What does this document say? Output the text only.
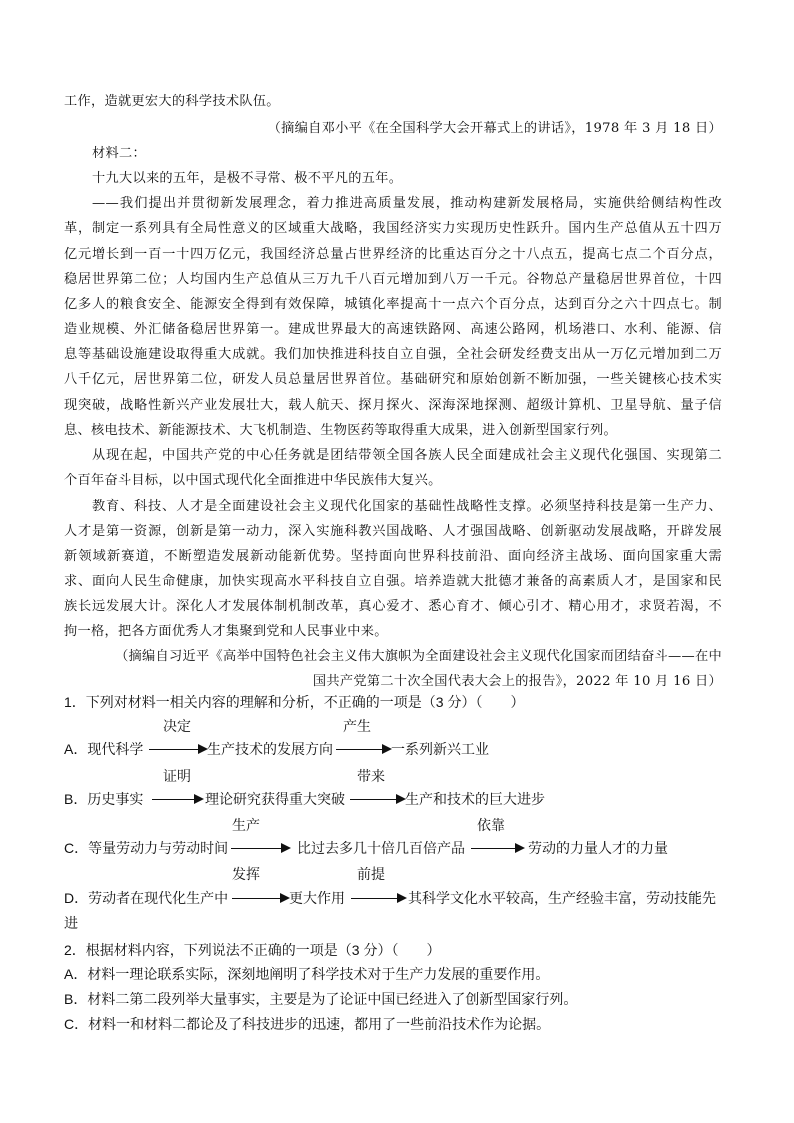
工作，造就更宏大的科学技术队伍。
（摘编自邓小平《在全国科学大会开幕式上的讲话》，1978 年 3 月 18 日）
材料二：
十九大以来的五年，是极不寻常、极不平凡的五年。
——我们提出并贯彻新发展理念，着力推进高质量发展，推动构建新发展格局，实施供给侧结构性改
革，制定一系列具有全局性意义的区域重大战略，我国经济实力实现历史性跃升。国内生产总值从五十四万
亿元增长到一百一十四万亿元，我国经济总量占世界经济的比重达百分之十八点五，提高七点二个百分点，
稳居世界第二位；人均国内生产总值从三万九千八百元增加到八万一千元。谷物总产量稳居世界首位，十四
亿多人的粮食安全、能源安全得到有效保障，城镇化率提高十一点六个百分点，达到百分之六十四点七。制
造业规模、外汇储备稳居世界第一。建成世界最大的高速铁路网、高速公路网，机场港口、水利、能源、信
息等基础设施建设取得重大成就。我们加快推进科技自立自强，全社会研发经费支出从一万亿元增加到二万
八千亿元，居世界第二位，研发人员总量居世界首位。基础研究和原始创新不断加强，一些关键核心技术实
现突破，战略性新兴产业发展壮大，载人航天、探月探火、深海深地探测、超级计算机、卫星导航、量子信
息、核电技术、新能源技术、大飞机制造、生物医药等取得重大成果，进入创新型国家行列。
从现在起，中国共产党的中心任务就是团结带领全国各族人民全面建成社会主义现代化强国、实现第二
个百年奋斗目标，以中国式现代化全面推进中华民族伟大复兴。
教育、科技、人才是全面建设社会主义现代化国家的基础性战略性支撑。必须坚持科技是第一生产力、
人才是第一资源，创新是第一动力，深入实施科教兴国战略、人才强国战略、创新驱动发展战略，开辟发展
新领域新赛道，不断塑造发展新动能新优势。坚持面向世界科技前沿、面向经济主战场、面向国家重大需
求、面向人民生命健康，加快实现高水平科技自立自强。培养造就大批德才兼备的高素质人才，是国家和民
族长远发展大计。深化人才发展体制机制改革，真心爱才、悉心育才、倾心引才、精心用才，求贤若渴，不
拘一格，把各方面优秀人才集聚到党和人民事业中来。
（摘编自习近平《高举中国特色社会主义伟大旗帜为全面建设社会主义现代化国家而团结奋斗——在中
国共产党第二十次全国代表大会上的报告》，2022 年 10 月 16 日）
1．下列对材料一相关内容的理解和分析，不正确的一项是（3 分）（　　）
决定	产生
A．现代科学	生产技术的发展方向	一系列新兴工业
证明	带来
B．历史事实	理论研究获得重大突破	生产和技术的巨大进步
生产	依靠
C．等量劳动力与劳动时间	比过去多几十倍几百倍产品	劳动的力量人才的力量
发挥	前提
D．劳动者在现代化生产中	更大作用	其科学文化水平较高，生产经验丰富，劳动技能先
进
2．根据材料内容，下列说法不正确的一项是（3 分）（　　）
A．材料一理论联系实际，深刻地阐明了科学技术对于生产力发展的重要作用。
B．材料二第二段列举大量事实，主要是为了论证中国已经进入了创新型国家行列。
C．材料一和材料二都论及了科技进步的迅速，都用了一些前沿技术作为论据。
